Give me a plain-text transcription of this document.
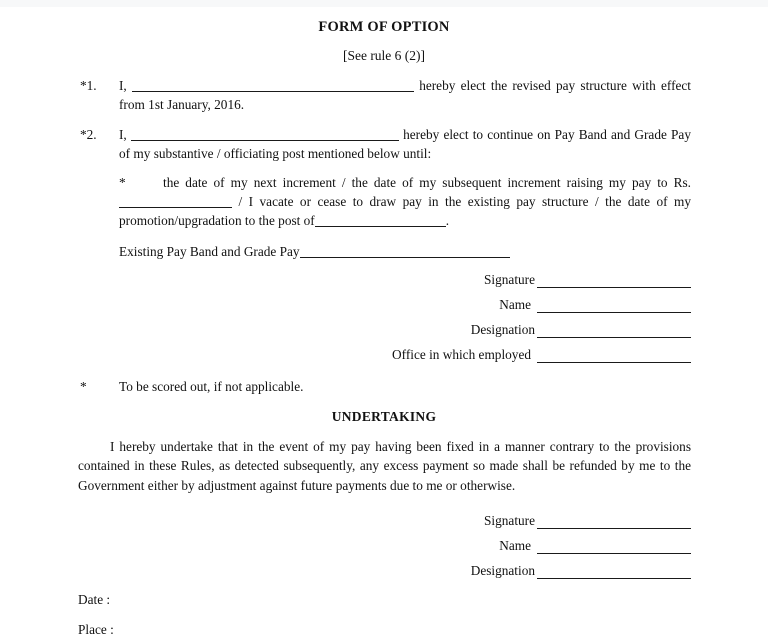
FORM OF OPTION
[See rule 6 (2)]
*1. I,	hereby elect the revised pay structure with effect from 1st January, 2016.

*2. I,	hereby elect to continue on Pay Band and Grade Pay of my substantive / officiating post mentioned below until:

*	the date of my next increment / the date of my subsequent increment raising my pay to Rs.  / I vacate or cease to draw pay in the existing pay structure / the date of my promotion/upgradation to the post of	.
Existing Pay Band and Grade Pay
Signature
Name
Designation
Office in which employed
* To be scored out, if not applicable.
UNDERTAKING
I hereby undertake that in the event of my pay having been fixed in a manner contrary to the provisions contained in these Rules, as detected subsequently, any excess payment so made shall be refunded by me to the Government either by adjustment against future payments due to me or otherwise.
Signature
Name
Designation
Date :
Place :
